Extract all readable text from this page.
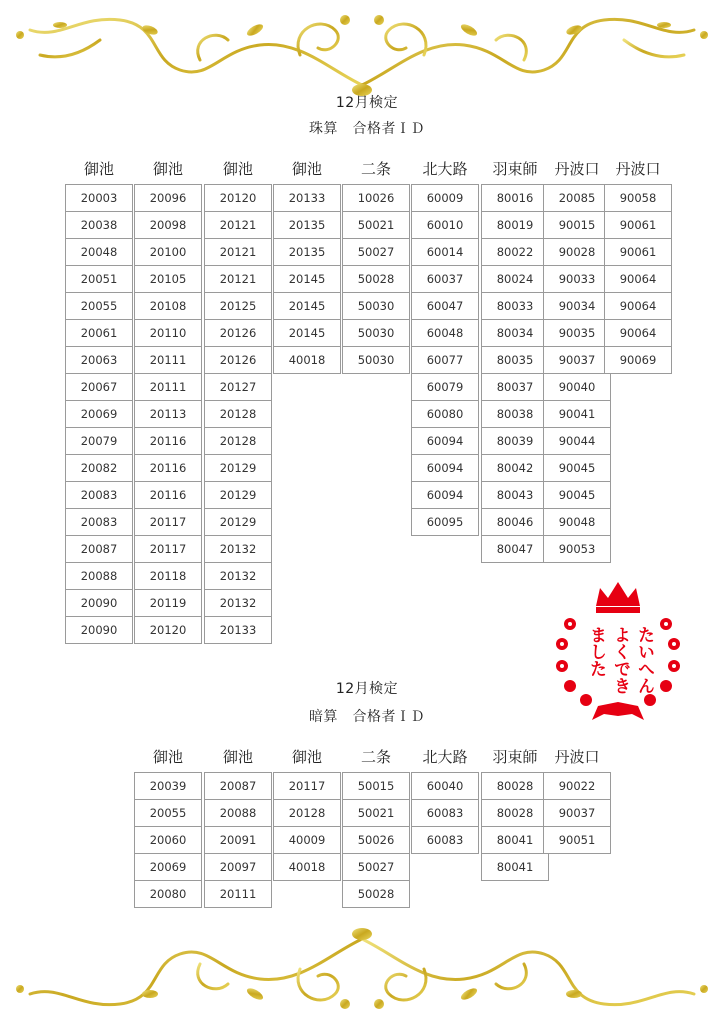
12月検定
珠算　合格者ＩＤ
御池
20003
20038
20048
20051
20055
20061
20063
20067
20069
20079
20082
20083
20083
20087
20088
20090
20090
御池
20096
20098
20100
20105
20108
20110
20111
20111
20113
20116
20116
20116
20117
20117
20118
20119
20120
御池
20120
20121
20121
20121
20125
20126
20126
20127
20128
20128
20129
20129
20129
20132
20132
20132
20133
御池
20133
20135
20135
20145
20145
20145
40018
二条
10026
50021
50027
50028
50030
50030
50030
北大路
60009
60010
60014
60037
60047
60048
60077
60079
60080
60094
60094
60094
60095
羽束師
80016
80019
80022
80024
80033
80034
80035
80037
80038
80039
80042
80043
80046
80047
丹波口
20085
90015
90028
90033
90034
90035
90037
90040
90041
90044
90045
90045
90048
90053
丹波口
90058
90061
90061
90064
90064
90064
90069
たいへん
よくでき
ました
12月検定
暗算　合格者ＩＤ
御池
20039
20055
20060
20069
20080
御池
20087
20088
20091
20097
20111
御池
20117
20128
40009
40018
二条
50015
50021
50026
50027
50028
北大路
60040
60083
60083
羽束師
80028
80028
80041
80041
丹波口
90022
90037
90051
